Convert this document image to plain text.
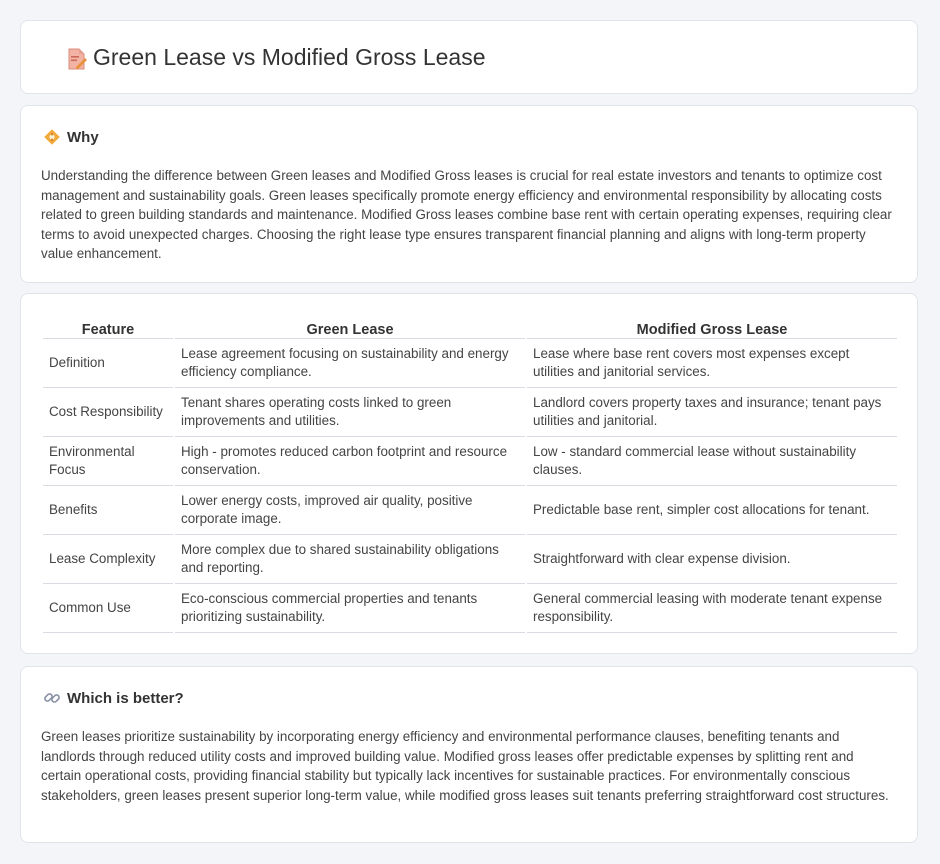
Green Lease vs Modified Gross Lease
Why

Understanding the difference between Green leases and Modified Gross leases is crucial for real estate investors and tenants to optimize cost management and sustainability goals. Green leases specifically promote energy efficiency and environmental responsibility by allocating costs related to green building standards and maintenance. Modified Gross leases combine base rent with certain operating expenses, requiring clear terms to avoid unexpected charges. Choosing the right lease type ensures transparent financial planning and aligns with long-term property value enhancement.

Feature	Green Lease	Modified Gross Lease
Definition	Lease agreement focusing on sustainability and energy efficiency compliance.	Lease where base rent covers most expenses except utilities and janitorial services.
Cost Responsibility	Tenant shares operating costs linked to green improvements and utilities.	Landlord covers property taxes and insurance; tenant pays utilities and janitorial.
Environmental Focus	High - promotes reduced carbon footprint and resource conservation.	Low - standard commercial lease without sustainability clauses.
Benefits	Lower energy costs, improved air quality, positive corporate image.	Predictable base rent, simpler cost allocations for tenant.
Lease Complexity	More complex due to shared sustainability obligations and reporting.	Straightforward with clear expense division.
Common Use	Eco-conscious commercial properties and tenants prioritizing sustainability.	General commercial leasing with moderate tenant expense responsibility.
Which is better?

Green leases prioritize sustainability by incorporating energy efficiency and environmental performance clauses, benefiting tenants and landlords through reduced utility costs and improved building value. Modified gross leases offer predictable expenses by splitting rent and certain operational costs, providing financial stability but typically lack incentives for sustainable practices. For environmentally conscious stakeholders, green leases present superior long-term value, while modified gross leases suit tenants preferring straightforward cost structures.
